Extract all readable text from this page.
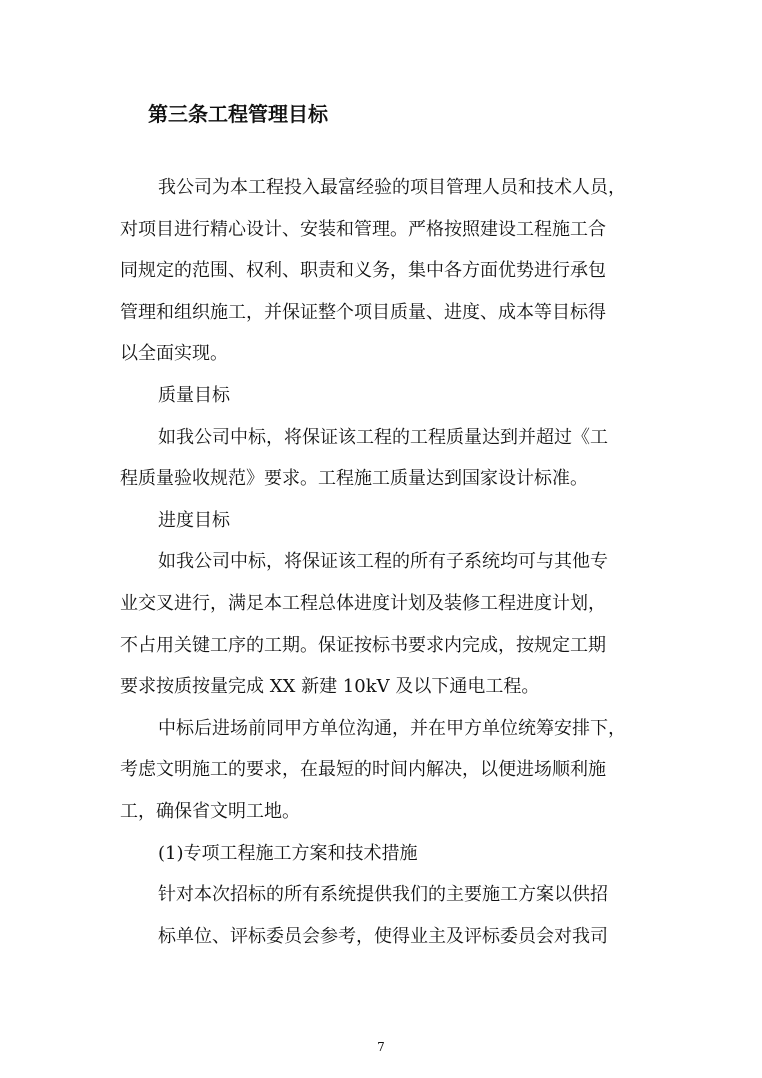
第三条工程管理目标
我公司为本工程投入最富经验的项目管理人员和技术人员，
对项目进行精心设计、安装和管理。严格按照建设工程施工合
同规定的范围、权利、职责和义务，集中各方面优势进行承包
管理和组织施工，并保证整个项目质量、进度、成本等目标得
以全面实现。
质量目标
如我公司中标，将保证该工程的工程质量达到并超过《工
程质量验收规范》要求。工程施工质量达到国家设计标准。
进度目标
如我公司中标，将保证该工程的所有子系统均可与其他专
业交叉进行，满足本工程总体进度计划及装修工程进度计划，
不占用关键工序的工期。保证按标书要求内完成，按规定工期
要求按质按量完成 XX 新建 10kV 及以下通电工程。
中标后进场前同甲方单位沟通，并在甲方单位统筹安排下，
考虑文明施工的要求，在最短的时间内解决，以便进场顺利施
工，确保省文明工地。
(1)专项工程施工方案和技术措施
针对本次招标的所有系统提供我们的主要施工方案以供招
标单位、评标委员会参考，使得业主及评标委员会对我司
7
